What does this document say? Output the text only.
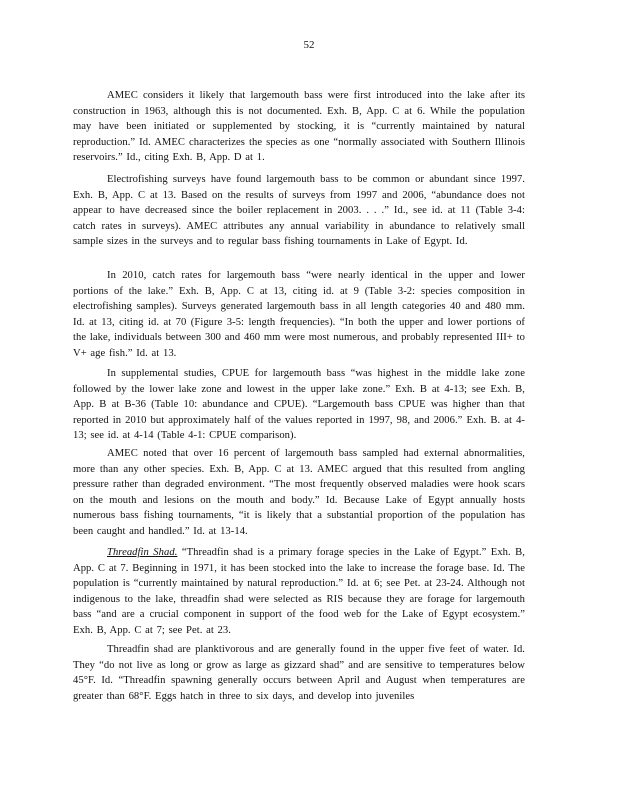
52

AMEC considers it likely that largemouth bass were first introduced into the lake after its construction in 1963, although this is not documented. Exh. B, App. C at 6. While the population may have been initiated or supplemented by stocking, it is “currently maintained by natural reproduction.” Id. AMEC characterizes the species as one “normally associated with Southern Illinois reservoirs.” Id., citing Exh. B, App. D at 1.

Electrofishing surveys have found largemouth bass to be common or abundant since 1997. Exh. B, App. C at 13. Based on the results of surveys from 1997 and 2006, “abundance does not appear to have decreased since the boiler replacement in 2003. . . .” Id., see id. at 11 (Table 3-4: catch rates in surveys). AMEC attributes any annual variability in abundance to relatively small sample sizes in the surveys and to regular bass fishing tournaments in Lake of Egypt. Id.

In 2010, catch rates for largemouth bass “were nearly identical in the upper and lower portions of the lake.” Exh. B, App. C at 13, citing id. at 9 (Table 3-2: species composition in electrofishing samples). Surveys generated largemouth bass in all length categories 40 and 480 mm. Id. at 13, citing id. at 70 (Figure 3-5: length frequencies). “In both the upper and lower portions of the lake, individuals between 300 and 460 mm were most numerous, and probably represented III+ to V+ age fish.” Id. at 13.

In supplemental studies, CPUE for largemouth bass “was highest in the middle lake zone followed by the lower lake zone and lowest in the upper lake zone.” Exh. B at 4-13; see Exh. B, App. B at B-36 (Table 10: abundance and CPUE). “Largemouth bass CPUE was higher than that reported in 2010 but approximately half of the values reported in 1997, 98, and 2006.” Exh. B. at 4-13; see id. at 4-14 (Table 4-1: CPUE comparison).

AMEC noted that over 16 percent of largemouth bass sampled had external abnormalities, more than any other species. Exh. B, App. C at 13. AMEC argued that this resulted from angling pressure rather than degraded environment. “The most frequently observed maladies were hook scars on the mouth and lesions on the mouth and body.” Id. Because Lake of Egypt annually hosts numerous bass fishing tournaments, “it is likely that a substantial proportion of the population has been caught and handled.” Id. at 13-14.

Threadfin Shad. “Threadfin shad is a primary forage species in the Lake of Egypt.” Exh. B, App. C at 7. Beginning in 1971, it has been stocked into the lake to increase the forage base. Id. The population is “currently maintained by natural reproduction.” Id. at 6; see Pet. at 23-24. Although not indigenous to the lake, threadfin shad were selected as RIS because they are forage for largemouth bass “and are a crucial component in support of the food web for the Lake of Egypt ecosystem.” Exh. B, App. C at 7; see Pet. at 23.

Threadfin shad are planktivorous and are generally found in the upper five feet of water. Id. They “do not live as long or grow as large as gizzard shad” and are sensitive to temperatures below 45°F. Id. “Threadfin spawning generally occurs between April and August when temperatures are greater than 68°F. Eggs hatch in three to six days, and develop into juveniles
